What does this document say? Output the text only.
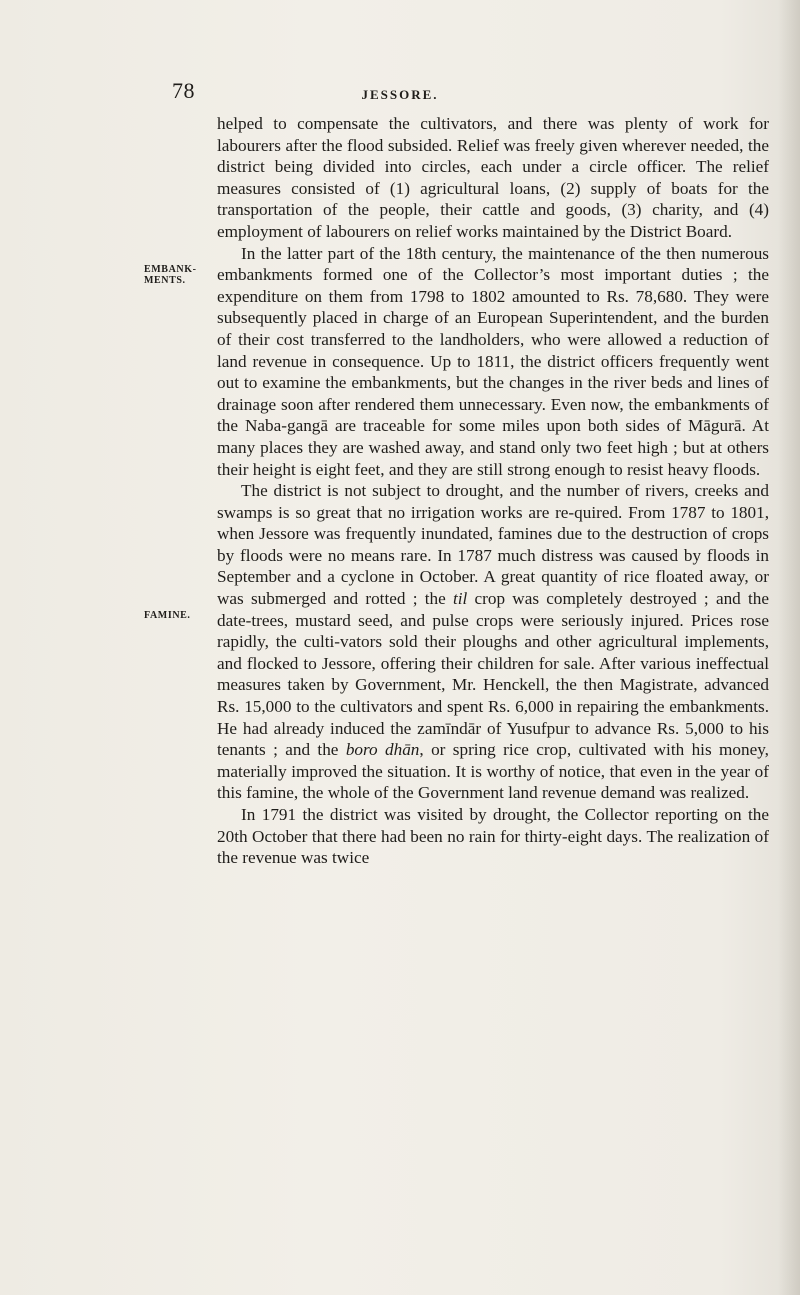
78	JESSORE.
EMBANK-MENTS.
FAMINE.

helped to compensate the cultivators, and there was plenty of work for labourers after the flood subsided. Relief was freely given wherever needed, the district being divided into circles, each under a circle officer. The relief measures consisted of (1) agricultural loans, (2) supply of boats for the transportation of the people, their cattle and goods, (3) charity, and (4) employment of labourers on relief works maintained by the District Board.

In the latter part of the 18th century, the maintenance of the then numerous embankments formed one of the Collector’s most important duties ; the expenditure on them from 1798 to 1802 amounted to Rs. 78,680. They were subsequently placed in charge of an European Superintendent, and the burden of their cost transferred to the landholders, who were allowed a reduction of land revenue in consequence. Up to 1811, the district officers frequently went out to examine the embankments, but the changes in the river beds and lines of drainage soon after rendered them unnecessary. Even now, the embankments of the Naba-gangā are traceable for some miles upon both sides of Māgurā. At many places they are washed away, and stand only two feet high ; but at others their height is eight feet, and they are still strong enough to resist heavy floods.

The district is not subject to drought, and the number of rivers, creeks and swamps is so great that no irrigation works are re-quired. From 1787 to 1801, when Jessore was frequently inundated, famines due to the destruction of crops by floods were no means rare. In 1787 much distress was caused by floods in September and a cyclone in October. A great quantity of rice floated away, or was submerged and rotted ; the til crop was completely destroyed ; and the date-trees, mustard seed, and pulse crops were seriously injured. Prices rose rapidly, the culti-vators sold their ploughs and other agricultural implements, and flocked to Jessore, offering their children for sale. After various ineffectual measures taken by Government, Mr. Henckell, the then Magistrate, advanced Rs. 15,000 to the cultivators and spent Rs. 6,000 in repairing the embankments. He had already induced the zamīndār of Yusufpur to advance Rs. 5,000 to his tenants ; and the boro dhān, or spring rice crop, cultivated with his money, materially improved the situation. It is worthy of notice, that even in the year of this famine, the whole of the Government land revenue demand was realized.

In 1791 the district was visited by drought, the Collector reporting on the 20th October that there had been no rain for thirty-eight days. The realization of the revenue was twice
